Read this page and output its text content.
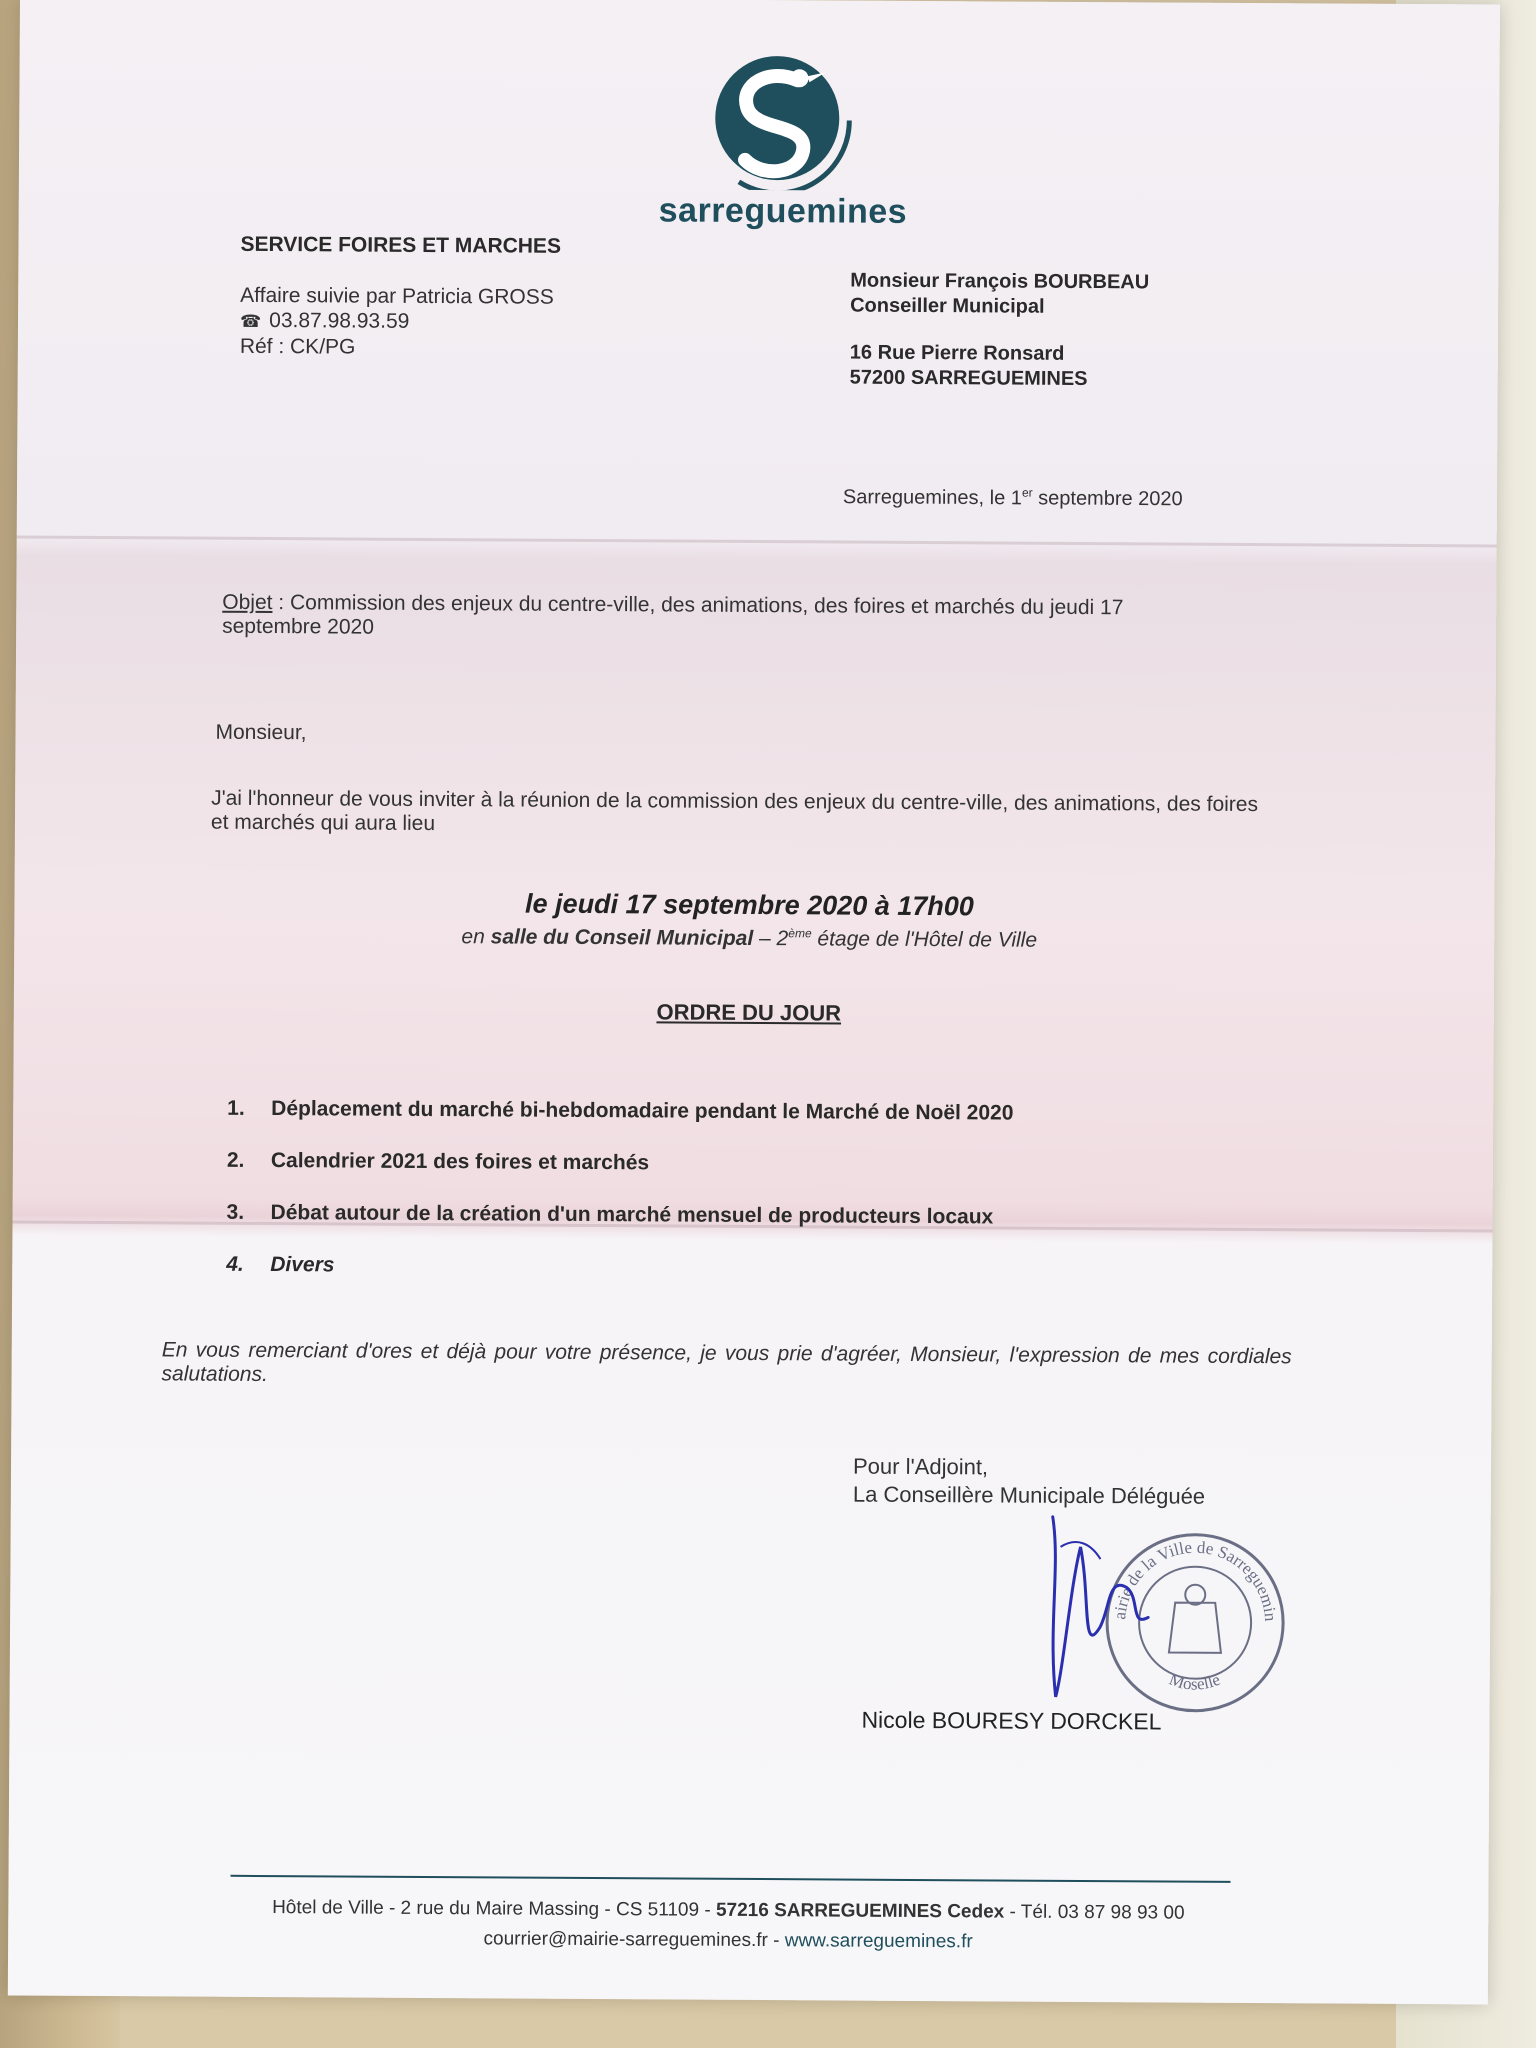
sarreguemines
SERVICE FOIRES ET MARCHES
Affaire suivie par Patricia GROSS
☎ 03.87.98.93.59
Réf : CK/PG
Monsieur François BOURBEAU
Conseiller Municipal
16 Rue Pierre Ronsard
57200 SARREGUEMINES
Sarreguemines, le 1er septembre 2020
Objet : Commission des enjeux du centre-ville, des animations, des foires et marchés du jeudi 17 septembre 2020
Monsieur,
J'ai l'honneur de vous inviter à la réunion de la commission des enjeux du centre-ville, des animations, des foires et marchés qui aura lieu
le jeudi 17 septembre 2020 à 17h00
en salle du Conseil Municipal – 2ème étage de l'Hôtel de Ville
ORDRE DU JOUR
1.	Déplacement du marché bi-hebdomadaire pendant le Marché de Noël 2020
2.	Calendrier 2021 des foires et marchés
3.	Débat autour de la création d'un marché mensuel de producteurs locaux
4.	Divers
En vous remerciant d'ores et déjà pour votre présence, je vous prie d'agréer, Monsieur, l'expression de mes cordiales salutations.
Pour l'Adjoint,
La Conseillère Municipale Déléguée
Mairie de la Ville de Sarreguemines
Moselle
Nicole BOURESY DORCKEL
Hôtel de Ville - 2 rue du Maire Massing - CS 51109 - 57216 SARREGUEMINES Cedex - Tél. 03 87 98 93 00
courrier@mairie-sarreguemines.fr - www.sarreguemines.fr
